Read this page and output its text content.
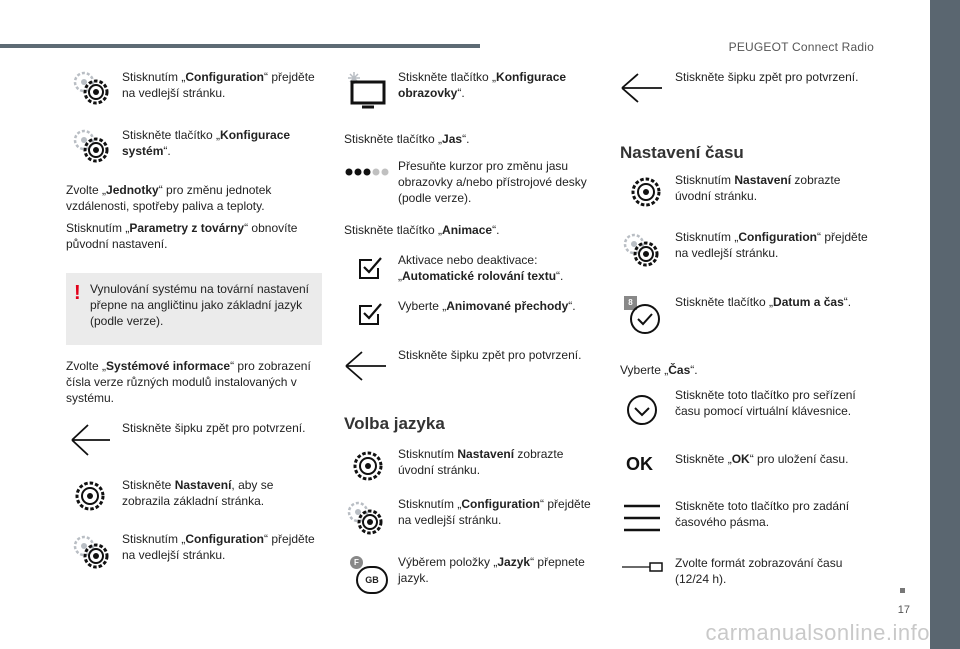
PEUGEOT Connect Radio
17
carmanualsonline.info
Stisknutím „Configuration“ přejděte na vedlejší stránku.
Stiskněte tlačítko „Konfigurace systém“.
Zvolte „Jednotky“ pro změnu jednotek vzdálenosti, spotřeby paliva a teploty.
Stisknutím „Parametry z továrny“ obnovíte původní nastavení.
! Vynulování systému na tovární nastavení přepne na angličtinu jako základní jazyk (podle verze).
Zvolte „Systémové informace“ pro zobrazení čísla verze různých modulů instalovaných v systému.
Stiskněte šipku zpět pro potvrzení.
Stiskněte Nastavení, aby se zobrazila základní stránka.
Stisknutím „Configuration“ přejděte na vedlejší stránku.
Stiskněte tlačítko „Konfigurace obrazovky“.
Stiskněte tlačítko „Jas“.
Přesuňte kurzor pro změnu jasu obrazovky a/nebo přístrojové desky (podle verze).
Stiskněte tlačítko „Animace“.
Aktivace nebo deaktivace: „Automatické rolování textu“.
Vyberte „Animované přechody“.
Stiskněte šipku zpět pro potvrzení.
Volba jazyka
Stisknutím Nastavení zobrazte úvodní stránku.
Stisknutím „Configuration“ přejděte na vedlejší stránku.
F
GB
Výběrem položky „Jazyk“ přepnete jazyk.
Stiskněte šipku zpět pro potvrzení.
Nastavení času
Stisknutím Nastavení zobrazte úvodní stránku.
Stisknutím „Configuration“ přejděte na vedlejší stránku.
8	Stiskněte tlačítko „Datum a čas“.
Vyberte „Čas“.
Stiskněte toto tlačítko pro seřízení času pomocí virtuální klávesnice.
OK Stiskněte „OK“ pro uložení času.
Stiskněte toto tlačítko pro zadání časového pásma.
Zvolte formát zobrazování času (12/24 h).
